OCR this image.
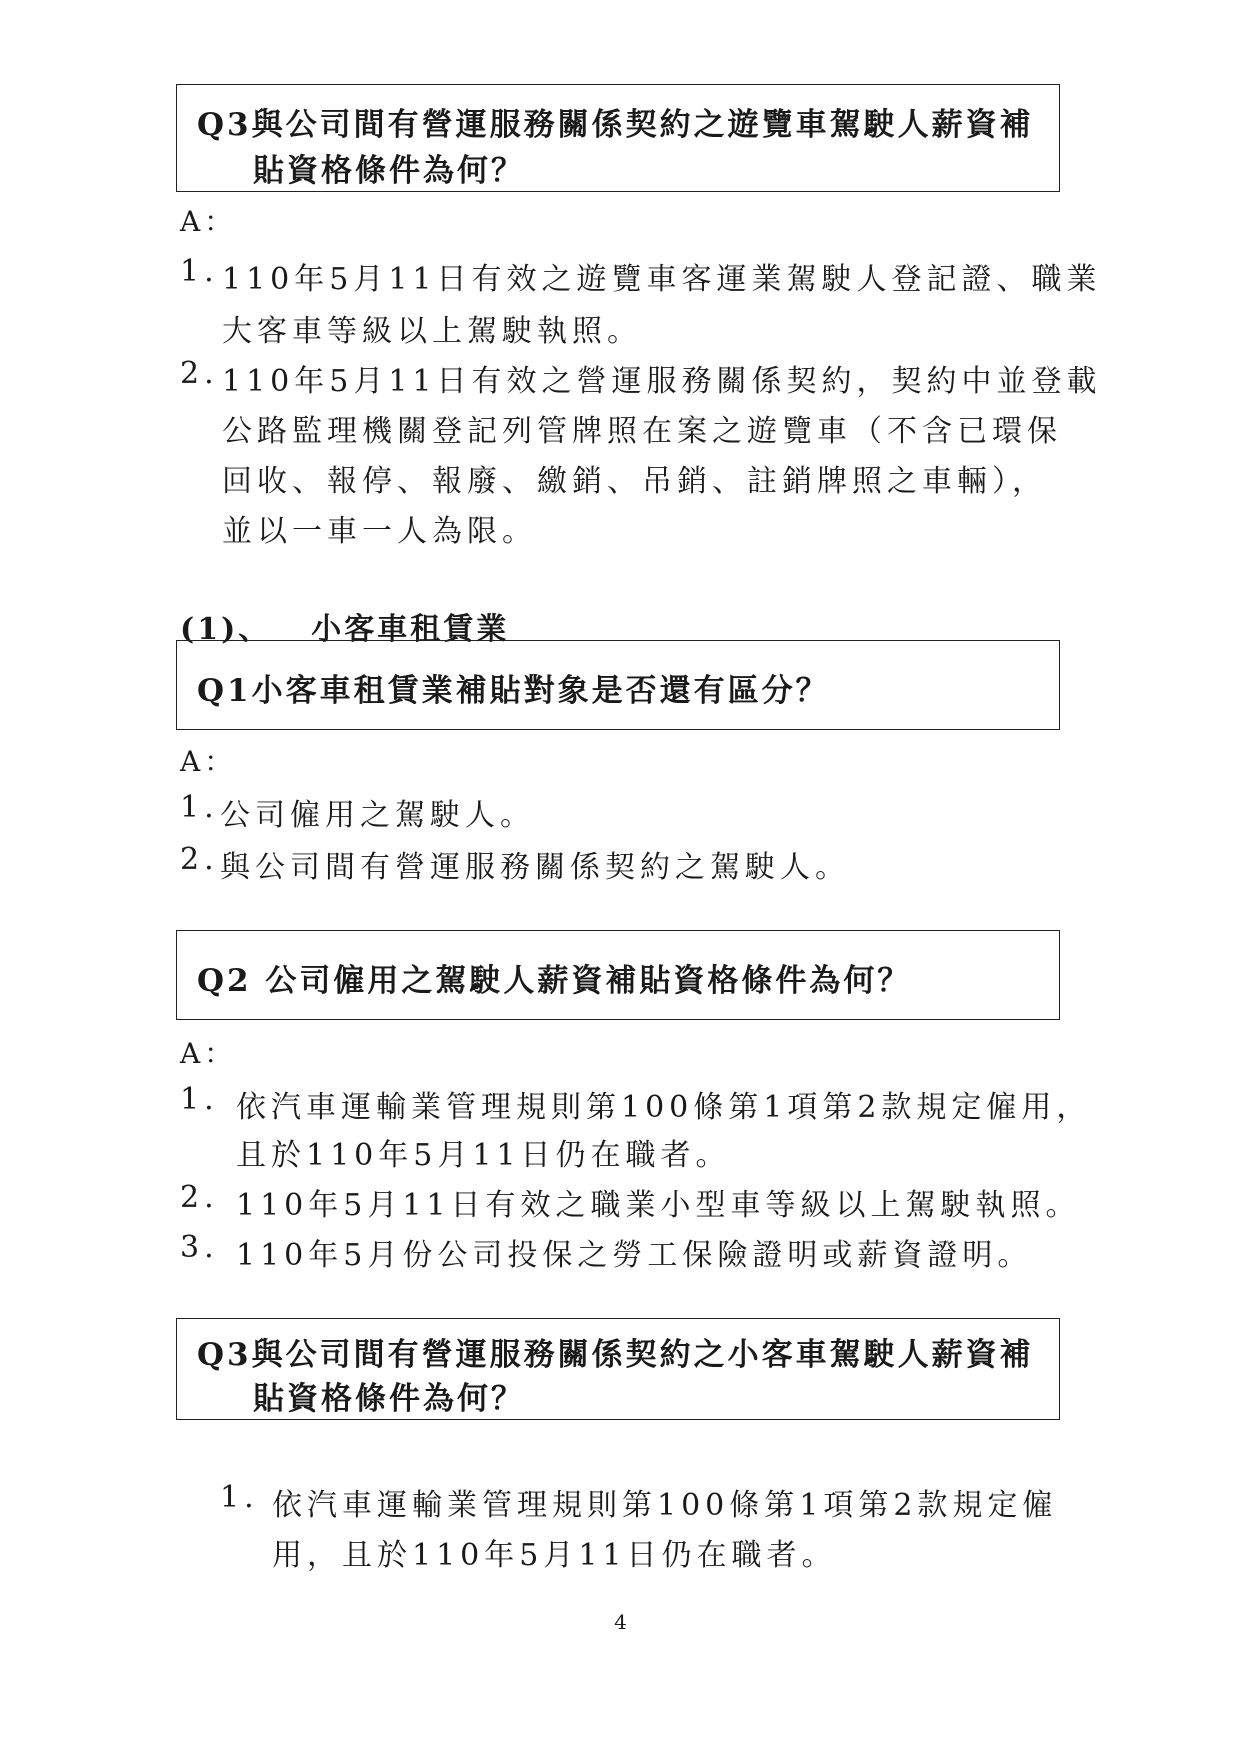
Q3與公司間有營運服務關係契約之遊覽車駕駛人薪資補
貼資格條件為何？
A：
1. 110年5月11日有效之遊覽車客運業駕駛人登記證、職業
大客車等級以上駕駛執照。
2. 110年5月11日有效之營運服務關係契約，契約中並登載
公路監理機關登記列管牌照在案之遊覽車（不含已環保
回收、報停、報廢、繳銷、吊銷、註銷牌照之車輛），
並以一車一人為限。
(1)、 小客車租賃業
Q1小客車租賃業補貼對象是否還有區分？
A：
1. 公司僱用之駕駛人。
2. 與公司間有營運服務關係契約之駕駛人。
Q2 公司僱用之駕駛人薪資補貼資格條件為何？
A：
1. 依汽車運輸業管理規則第100條第1項第2款規定僱用，
且於110年5月11日仍在職者。
2. 110年5月11日有效之職業小型車等級以上駕駛執照。
3. 110年5月份公司投保之勞工保險證明或薪資證明。
Q3與公司間有營運服務關係契約之小客車駕駛人薪資補
貼資格條件為何？
1. 依汽車運輸業管理規則第100條第1項第2款規定僱
用，且於110年5月11日仍在職者。
4
